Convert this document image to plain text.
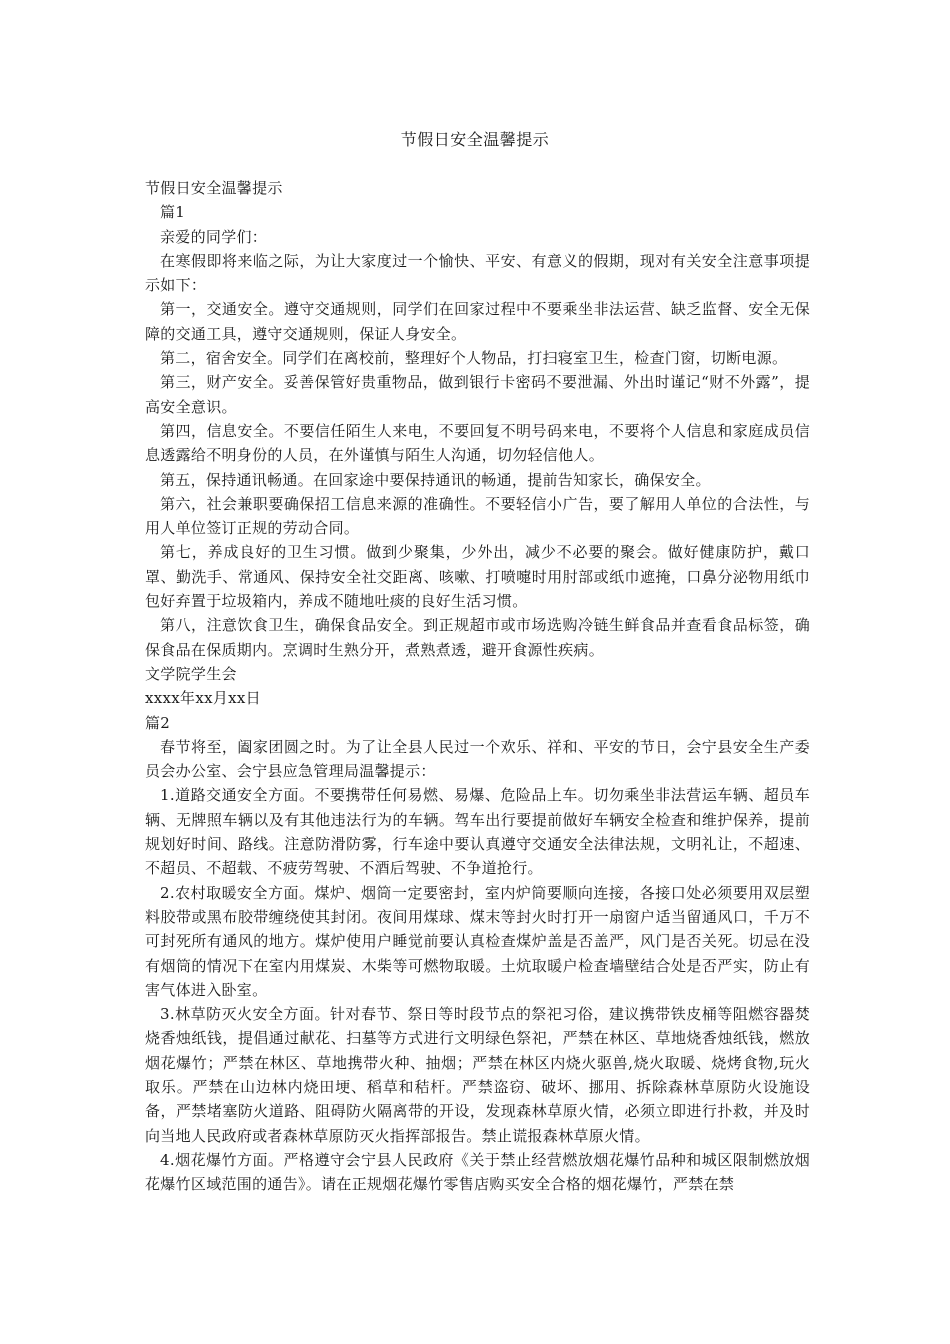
节假日安全温馨提示

节假日安全温馨提示

篇1

亲爱的同学们：

在寒假即将来临之际，为让大家度过一个愉快、平安、有意义的假期，现对有关安全注意事项提示如下：

第一，交通安全。遵守交通规则，同学们在回家过程中不要乘坐非法运营、缺乏监督、安全无保障的交通工具，遵守交通规则，保证人身安全。

第二，宿舍安全。同学们在离校前，整理好个人物品，打扫寝室卫生，检查门窗，切断电源。

第三，财产安全。妥善保管好贵重物品，做到银行卡密码不要泄漏、外出时谨记“财不外露”，提高安全意识。

第四，信息安全。不要信任陌生人来电，不要回复不明号码来电，不要将个人信息和家庭成员信息透露给不明身份的人员，在外谨慎与陌生人沟通，切勿轻信他人。

第五，保持通讯畅通。在回家途中要保持通讯的畅通，提前告知家长，确保安全。

第六，社会兼职要确保招工信息来源的准确性。不要轻信小广告，要了解用人单位的合法性，与用人单位签订正规的劳动合同。

第七，养成良好的卫生习惯。做到少聚集，少外出，减少不必要的聚会。做好健康防护，戴口罩、勤洗手、常通风、保持安全社交距离、咳嗽、打喷嚏时用肘部或纸巾遮掩，口鼻分泌物用纸巾包好弃置于垃圾箱内，养成不随地吐痰的良好生活习惯。

第八，注意饮食卫生，确保食品安全。到正规超市或市场选购冷链生鲜食品并查看食品标签，确保食品在保质期内。烹调时生熟分开，煮熟煮透，避开食源性疾病。

文学院学生会

xxxx年xx月xx日

篇2

春节将至，阖家团圆之时。为了让全县人民过一个欢乐、祥和、平安的节日，会宁县安全生产委员会办公室、会宁县应急管理局温馨提示：

1.道路交通安全方面。不要携带任何易燃、易爆、危险品上车。切勿乘坐非法营运车辆、超员车辆、无牌照车辆以及有其他违法行为的车辆。驾车出行要提前做好车辆安全检查和维护保养，提前规划好时间、路线。注意防滑防雾，行车途中要认真遵守交通安全法律法规，文明礼让，不超速、不超员、不超载、不疲劳驾驶、不酒后驾驶、不争道抢行。

2.农村取暖安全方面。煤炉、烟筒一定要密封，室内炉筒要顺向连接，各接口处必须要用双层塑料胶带或黑布胶带缠绕使其封闭。夜间用煤球、煤末等封火时打开一扇窗户适当留通风口，千万不可封死所有通风的地方。煤炉使用户睡觉前要认真检查煤炉盖是否盖严，风门是否关死。切忌在没有烟筒的情况下在室内用煤炭、木柴等可燃物取暖。土炕取暖户检查墙壁结合处是否严实，防止有害气体进入卧室。

3.林草防灭火安全方面。针对春节、祭日等时段节点的祭祀习俗，建议携带铁皮桶等阻燃容器焚烧香烛纸钱，提倡通过献花、扫墓等方式进行文明绿色祭祀，严禁在林区、草地烧香烛纸钱，燃放烟花爆竹；严禁在林区、草地携带火种、抽烟；严禁在林区内烧火驱兽,烧火取暖、烧烤食物,玩火取乐。严禁在山边林内烧田埂、稻草和秸杆。严禁盗窃、破坏、挪用、拆除森林草原防火设施设备，严禁堵塞防火道路、阻碍防火隔离带的开设，发现森林草原火情，必须立即进行扑救，并及时向当地人民政府或者森林草原防灭火指挥部报告。禁止谎报森林草原火情。

4.烟花爆竹方面。严格遵守会宁县人民政府《关于禁止经营燃放烟花爆竹品种和城区限制燃放烟花爆竹区域范围的通告》。请在正规烟花爆竹零售店购买安全合格的烟花爆竹，严禁在禁
